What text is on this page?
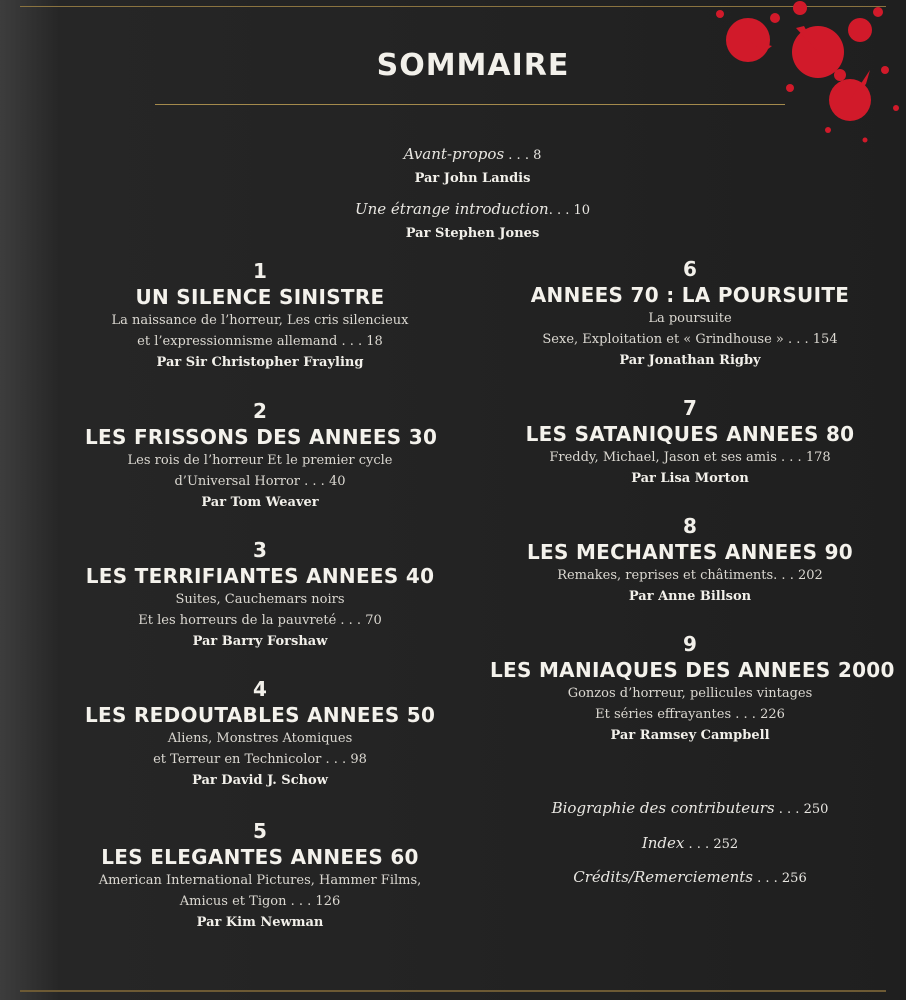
SOMMAIRE
Avant-propos . . . 8
Par John Landis
Une étrange introduction. . . 10
Par Stephen Jones
1
UN SILENCE SINISTRE
La naissance de l’horreur, Les cris silencieux
et l’expressionnisme allemand . . . 18
Par Sir Christopher Frayling
2
LES FRISSONS DES ANNEES 30
Les rois de l’horreur Et le premier cycle
d’Universal Horror . . . 40
Par Tom Weaver
3
LES TERRIFIANTES ANNEES 40
Suites, Cauchemars noirs
Et les horreurs de la pauvreté . . . 70
Par Barry Forshaw
4
LES REDOUTABLES ANNEES 50
Aliens, Monstres Atomiques
et Terreur en Technicolor . . . 98
Par David J. Schow
5
LES ELEGANTES ANNEES 60
American International Pictures, Hammer Films,
Amicus et Tigon . . . 126
Par Kim Newman
6
ANNEES 70 : LA POURSUITE
La poursuite
Sexe, Exploitation et « Grindhouse » . . . 154
Par Jonathan Rigby
7
LES SATANIQUES ANNEES 80
Freddy, Michael, Jason et ses amis . . . 178
Par Lisa Morton
8
LES MECHANTES ANNEES 90
Remakes, reprises et châtiments. . . 202
Par Anne Billson
9
LES MANIAQUES DES ANNEES 2000
Gonzos d’horreur, pellicules vintages
Et séries effrayantes . . . 226
Par Ramsey Campbell
Biographie des contributeurs . . . 250
Index . . . 252
Crédits/Remerciements . . . 256
